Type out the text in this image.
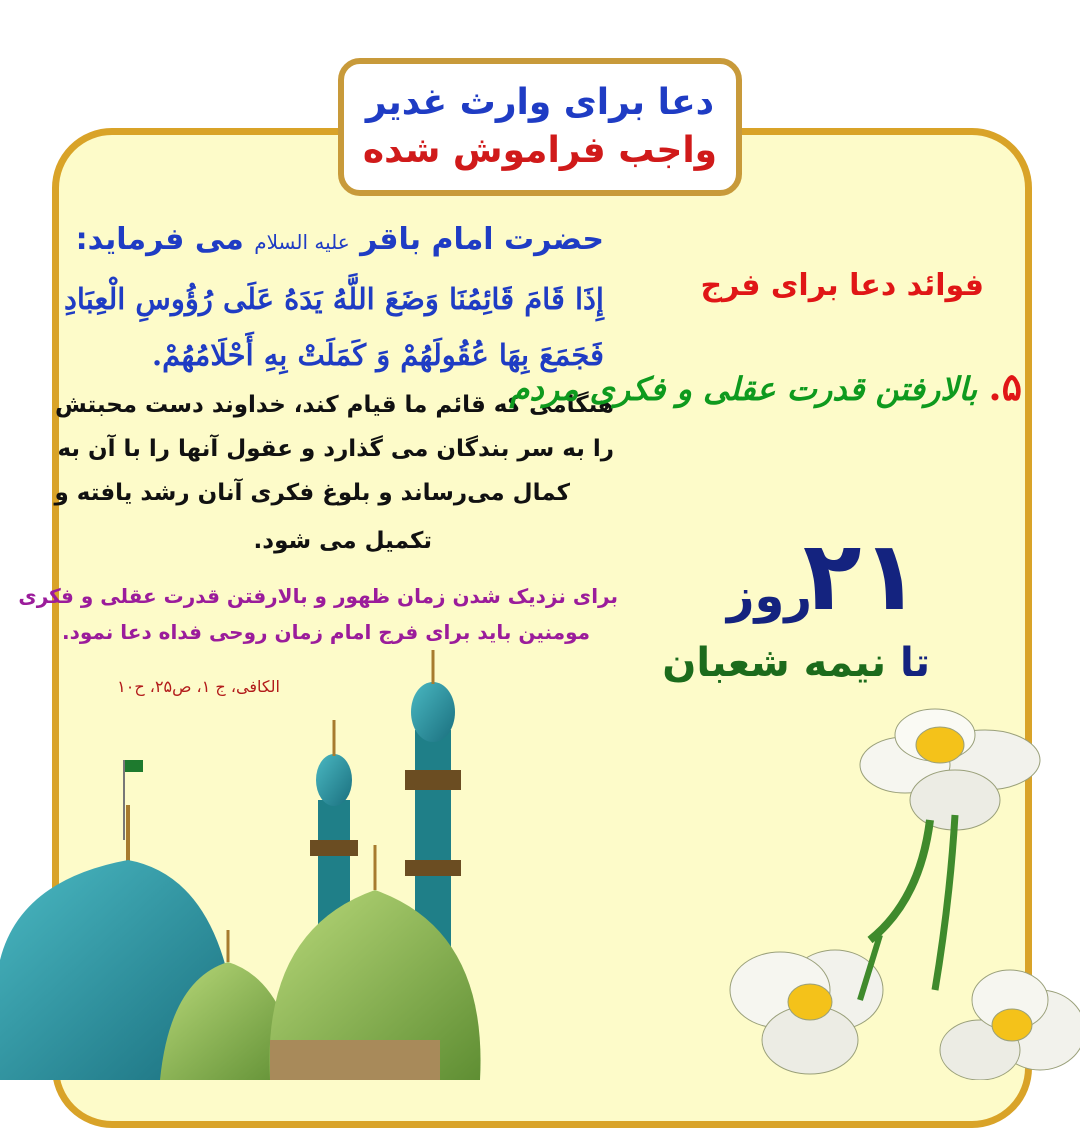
دعا برای وارث غدیر
واجب فراموش شده
حضرت امام باقر علیه السلام می فرماید:
إِذَا قَامَ قَائِمُنَا وَضَعَ اللَّهُ يَدَهُ عَلَى رُؤُوسِ الْعِبَادِ
فَجَمَعَ بِهَا عُقُولَهُمْ وَ كَمَلَتْ بِهِ أَحْلَامُهُمْ.
هنگامی که قائم ما قیام کند، خداوند دست محبتش
را به سر بندگان می گذارد و عقول آنها را با آن به
کمال می‌رساند و بلوغ فکری آنان رشد یافته و
تکمیل می شود.
برای نزدیک شدن زمان ظهور و بالارفتن قدرت عقلی و فکری
مومنین باید برای فرج امام زمان روحی فداه دعا نمود.
الکافی، ج ۱، ص۲۵، ح۱۰
فوائد دعا برای فرج
۵. بالارفتن قدرت عقلی و فکری مردم
۲۱
روز
تا نیمه شعبان
